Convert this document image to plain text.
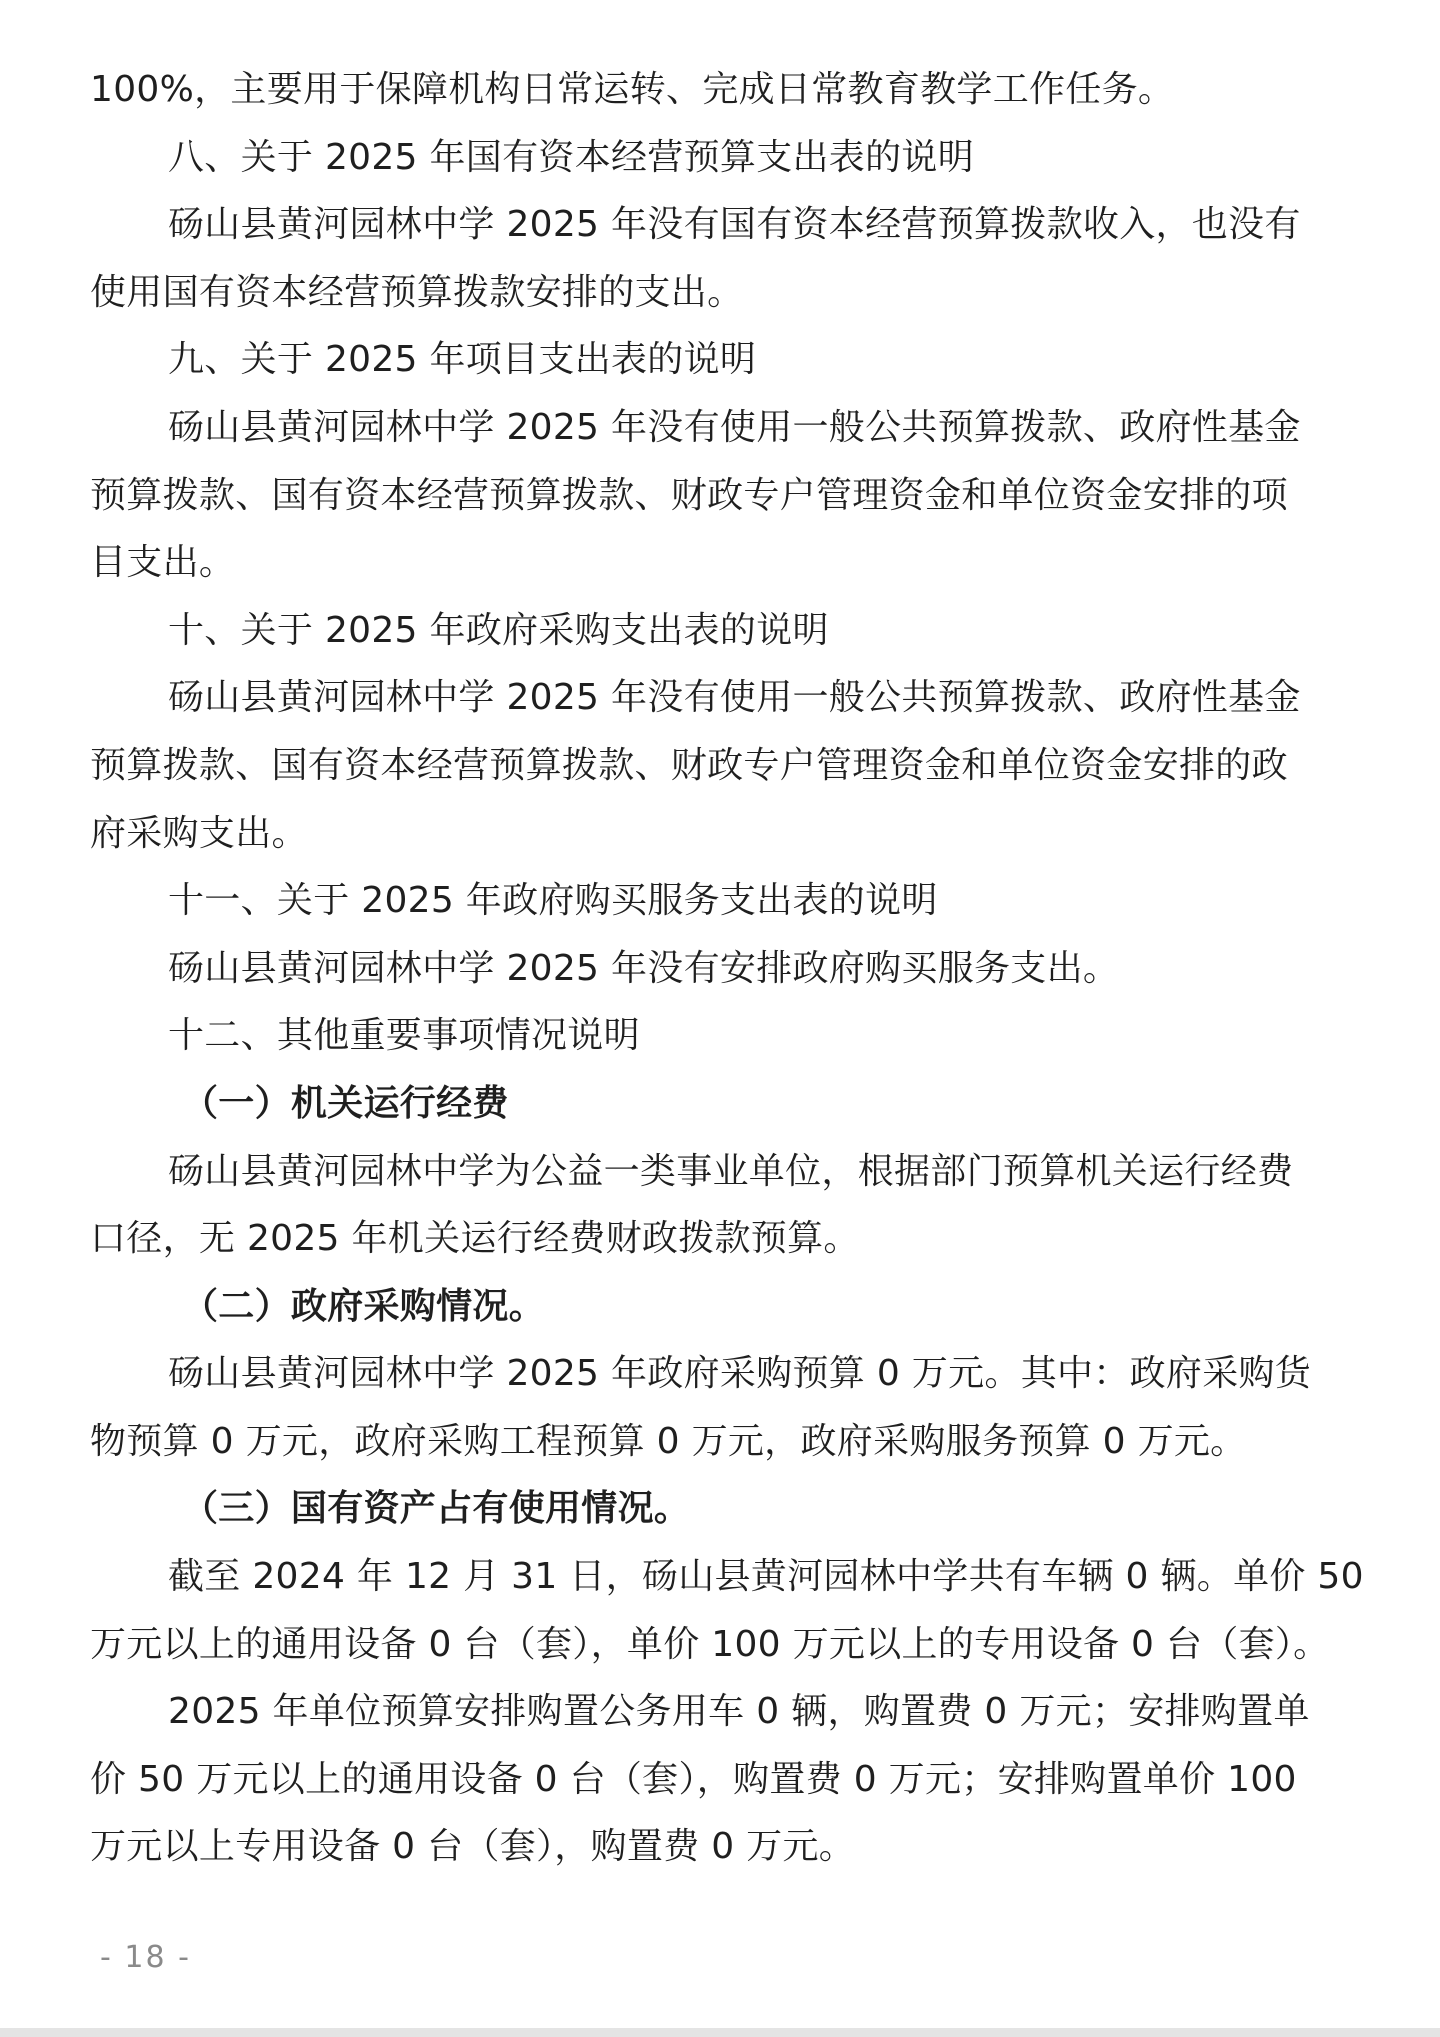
100%，主要用于保障机构日常运转、完成日常教育教学工作任务。
八、关于 2025 年国有资本经营预算支出表的说明
砀山县黄河园林中学 2025 年没有国有资本经营预算拨款收入，也没有
使用国有资本经营预算拨款安排的支出。
九、关于 2025 年项目支出表的说明
砀山县黄河园林中学 2025 年没有使用一般公共预算拨款、政府性基金
预算拨款、国有资本经营预算拨款、财政专户管理资金和单位资金安排的项
目支出。
十、关于 2025 年政府采购支出表的说明
砀山县黄河园林中学 2025 年没有使用一般公共预算拨款、政府性基金
预算拨款、国有资本经营预算拨款、财政专户管理资金和单位资金安排的政
府采购支出。
十一、关于 2025 年政府购买服务支出表的说明
砀山县黄河园林中学 2025 年没有安排政府购买服务支出。
十二、其他重要事项情况说明
（一）机关运行经费
砀山县黄河园林中学为公益一类事业单位，根据部门预算机关运行经费
口径，无 2025 年机关运行经费财政拨款预算。
（二）政府采购情况。
砀山县黄河园林中学 2025 年政府采购预算 0 万元。其中：政府采购货
物预算 0 万元，政府采购工程预算 0 万元，政府采购服务预算 0 万元。
（三）国有资产占有使用情况。
截至 2024 年 12 月 31 日，砀山县黄河园林中学共有车辆 0 辆。单价 50
万元以上的通用设备 0 台（套），单价 100 万元以上的专用设备 0 台（套）。
2025 年单位预算安排购置公务用车 0 辆，购置费 0 万元；安排购置单
价 50 万元以上的通用设备 0 台（套），购置费 0 万元；安排购置单价 100
万元以上专用设备 0 台（套），购置费 0 万元。
- 18 -
